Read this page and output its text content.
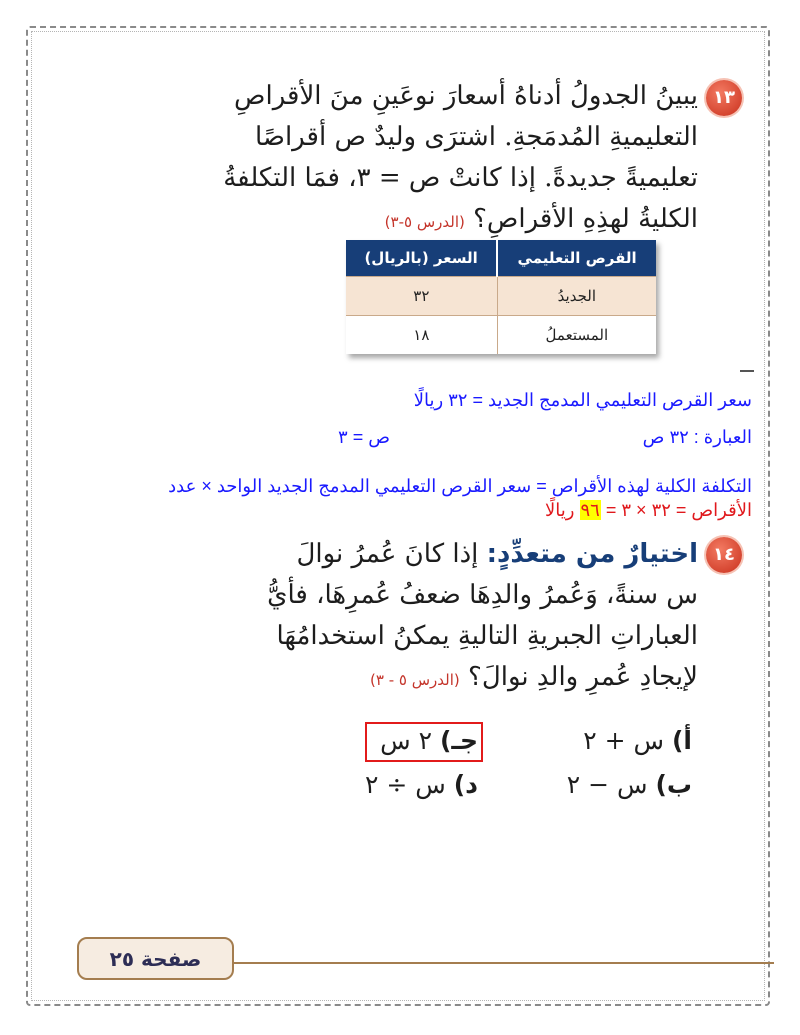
١٣
يبينُ الجدولُ أدناهُ أسعارَ نوعَينِ منَ الأقراصِ
التعليميةِ المُدمَجةِ. اشترَى وليدٌ ص أقراصًا
تعليميةً جديدةً. إذا كانتْ ص = ٣، فمَا التكلفةُ
الكليةُ لهذِهِ الأقراصِ؟ (الدرس ٥-٣)
القرص التعليمي	السعر (بالريال)
الجديدُ	٣٢
المستعملُ	١٨
سعر القرص التعليمي المدمج الجديد = ٣٢ ريالًا
العبارة : ٣٢ ص
ص = ٣
التكلفة الكلية لهذه الأقراص = سعر القرص التعليمي المدمج الجديد الواحد × عدد
الأقراص = ٣٢ × ٣ = ٩٦ ريالًا
١٤
اختيارٌ من متعدِّدٍ: إذا كانَ عُمرُ نوالَ
س سنةً، وَعُمرُ والدِهَا ضعفُ عُمرِهَا، فأيُّ
العباراتِ الجبريةِ التاليةِ يمكنُ استخدامُهَا
لإيجادِ عُمرِ والدِ نوالَ؟ (الدرس ٥ - ٣)
أ) س + ٢
ب) س − ٢
جـ) ٢ س
د) س ÷ ٢
صفحة ٢٥
